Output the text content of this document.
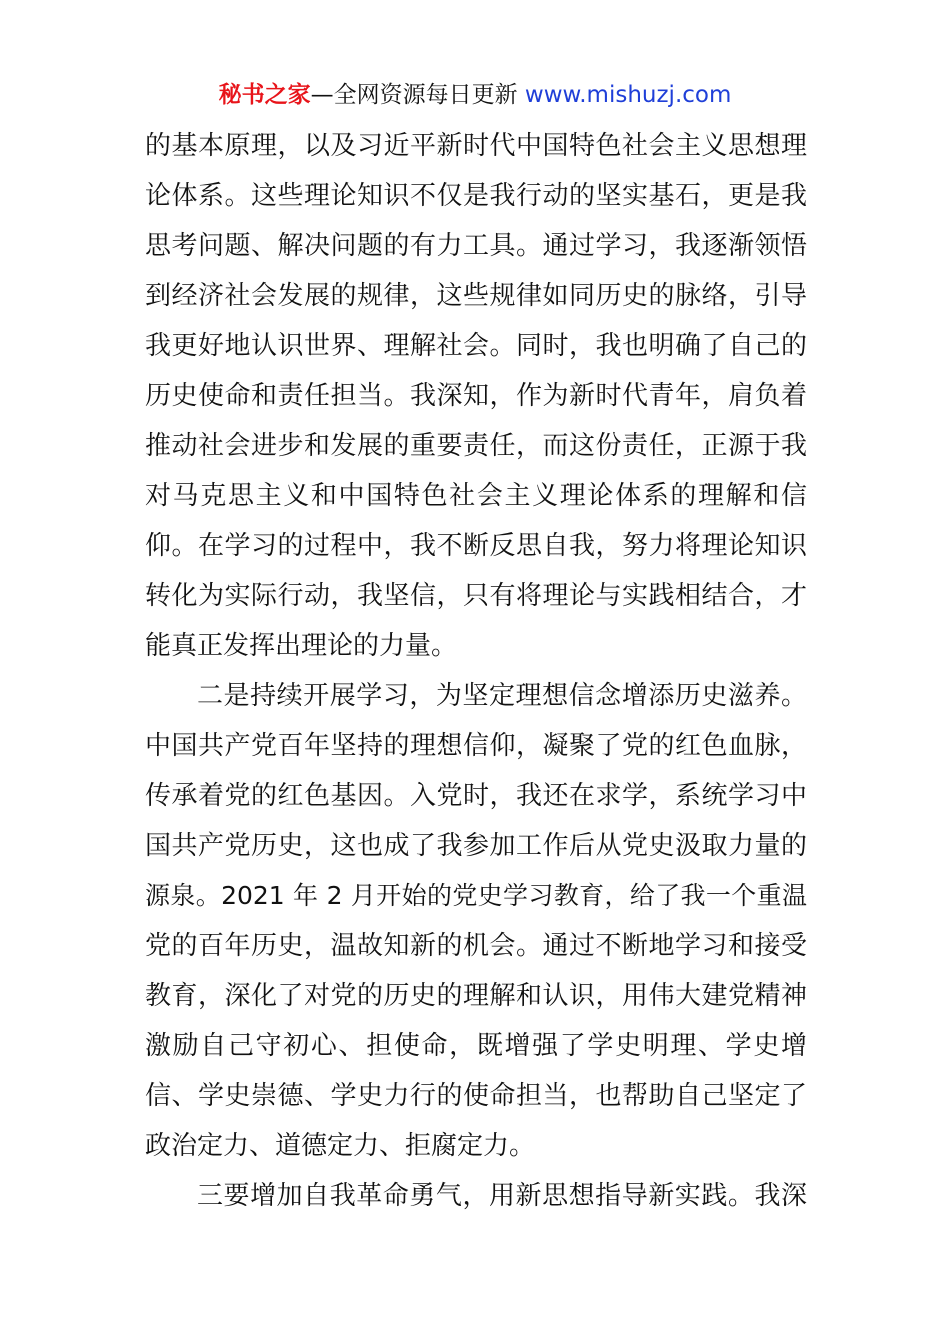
秘书之家—全网资源每日更新 www.mishuzj.com
的基本原理，以及习近平新时代中国特色社会主义思想理
论体系。这些理论知识不仅是我行动的坚实基石，更是我
思考问题、解决问题的有力工具。通过学习，我逐渐领悟
到经济社会发展的规律，这些规律如同历史的脉络，引导
我更好地认识世界、理解社会。同时，我也明确了自己的
历史使命和责任担当。我深知，作为新时代青年，肩负着
推动社会进步和发展的重要责任，而这份责任，正源于我
对马克思主义和中国特色社会主义理论体系的理解和信
仰。在学习的过程中，我不断反思自我，努力将理论知识
转化为实际行动，我坚信，只有将理论与实践相结合，才
能真正发挥出理论的力量。
二是持续开展学习，为坚定理想信念增添历史滋养。
中国共产党百年坚持的理想信仰，凝聚了党的红色血脉，
传承着党的红色基因。入党时，我还在求学，系统学习中
国共产党历史，这也成了我参加工作后从党史汲取力量的
源泉。2021 年 2 月开始的党史学习教育，给了我一个重温
党的百年历史，温故知新的机会。通过不断地学习和接受
教育，深化了对党的历史的理解和认识，用伟大建党精神
激励自己守初心、担使命，既增强了学史明理、学史增
信、学史崇德、学史力行的使命担当，也帮助自己坚定了
政治定力、道德定力、拒腐定力。
三要增加自我革命勇气，用新思想指导新实践。我深
